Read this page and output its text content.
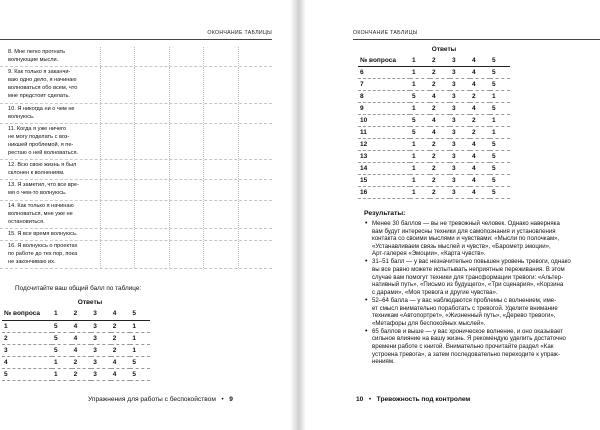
ОКОНЧАНИЕ ТАБЛИЦЫ
8. Мне легко прогнать
волнующие мысли.
9. Как только я заканчи-
ваю одно дело, я начинаю
волноваться обо всем, что
мне предстоит сделать.
10. Я никогда ни о чем не
волнуюсь.
11. Когда я уже ничего
не могу поделать с воз-
никшей проблемой, я пе-
рестаю о ней волноваться.
12. Всю свою жизнь я был
склонен к волнениям.
13. Я заметил, что все вре-
мя о чем-то волнуюсь.
14. Как только я начинаю
волноваться, мне уже не
остановиться.
15. Я все время волнуюсь.
16. Я волнуюсь о проектах
по работе до тех пор, пока
не закончиваю их.
Подсчитайте ваш общий балл по таблице:
Ответы
№ вопроса	1	2	3	4	5
1	5	4	3	2	1
2	5	4	3	2	1
3	5	4	3	2	1
4	1	2	3	4	5
5	1	2	3	4	5
Упражнения для работы с беспокойством   •   9
ОКОНЧАНИЕ ТАБЛИЦЫ
10   •   Тревожность под контролем
Ответы
№ вопроса	1	2	3	4	5
6	1	2	3	4	5
7	1	2	3	4	5
8	5	4	3	2	1
9	1	2	3	4	5
10	5	4	3	2	1
11	5	4	3	2	1
12	1	2	3	4	5
13	1	2	3	4	5
14	1	2	3	4	5
15	1	2	3	4	5
16	1	2	3	4	5
Результаты:
• Менее 30 баллов — вы не тревожный человек. Однако наверняка
вам будут интересны техники для самопознания и установления
контакта со своими мыслями и чувствами: «Мысли по полочкам»,
«Устанавливаем связь мыслей и чувств», «Барометр эмоции»,
Арт-галерея «Эмоции», «Карта чувств».
• 31–51 балл — у вас незначительно повышен уровень тревоги, однако
вы все равно можете испытывать неприятные переживания. В этом
случае вам помогут техники для трансформации тревоги: «Альтер-
нативный путь», «Письмо из будущего», «Три сценария», «Корзина
с дарами», «Моя тревога и другие чувства».
• 52–64 балла — у вас наблюдаются проблемы с волнением, име-
ет смысл внимательно поработать с тревогой. Уделите внимание
техникам «Автопортрет», «Жизненный путь», «Дерево тревоги»,
«Метафоры для беспокойных мыслей».
• 65 баллов и выше — у вас хроническое волнение, и оно оказывает
сильное влияние на вашу жизнь. Я рекомендую уделить достаточно
времени работе с книгой. Внимательно прочитайте раздел «Как
устроена тревога», а затем последовательно переходите к упраж-
нениям.
